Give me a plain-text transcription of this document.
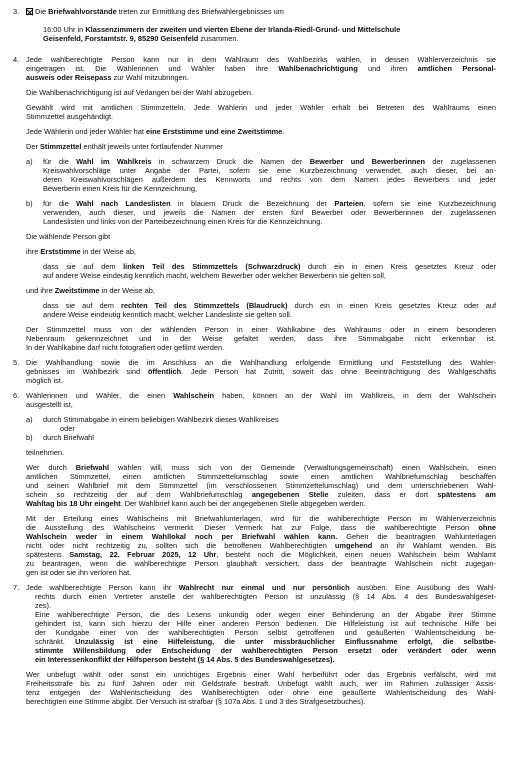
3.	Die Briefwahlvorstände treten zur Ermittlung des Briefwahlergebnisses um
16:00 Uhr in Klassenzimmern der zweiten und vierten Ebene der Irlanda-Riedl-Grund- und Mittelschule
Geisenfeld, Forstamtstr. 9, 85290 Geisenfeld zusammen.
4. Jede wahlberechtigte Person kann nur in dem Wahlraum des Wahlbezirks wählen, in dessen Wählerverzeichnis sie
eingetragen ist. Die Wählerinnen und Wähler haben ihre Wahlbenachrichtigung und ihren amtlichen Personal-
ausweis oder Reisepass zur Wahl mitzubringen.
Die Wahlbenachrichtigung ist auf Verlangen bei der Wahl abzugeben.
Gewählt wird mit amtlichen Stimmzetteln. Jede Wählerin und jeder Wähler erhält bei Betreten des Wahlraums einen
Stimmzettel ausgehändigt.
Jede Wählerin und jeder Wähler hat eine Erststimme und eine Zweitstimme.
Der Stimmzettel enthält jeweils unter fortlaufender Nummer
a)	für die Wahl im Wahlkreis in schwarzem Druck die Namen der Bewerber und Bewerberinnen der zugelassenen
Kreiswahlvorschläge unter Angabe der Partei, sofern sie eine Kurzbezeichnung verwendet, auch dieser, bei an-
deren Kreiswahlvorschlägen außerdem des Kennworts und rechts von dem Namen jedes Bewerbers und jeder
Bewerberin einen Kreis für die Kennzeichnung,
b)	für die Wahl nach Landeslisten in blauem Druck die Bezeichnung der Parteien, sofern sie eine Kurzbezeichnung
verwenden, auch dieser, und jeweils die Namen der ersten fünf Bewerber oder Bewerberinnen der zugelassenen
Landeslisten und links von der Parteibezeichnung einen Kreis für die Kennzeichnung.
Die wählende Person gibt
ihre Erststimme in der Weise ab,
dass sie auf dem linken Teil des Stimmzettels (Schwarzdruck) durch ein in einen Kreis gesetztes Kreuz oder
auf andere Weise eindeutig kenntlich macht, welchem Bewerber oder welcher Bewerberin sie gelten soll,
und ihre Zweitstimme in der Weise ab,
dass sie auf dem rechten Teil des Stimmzettels (Blaudruck) durch ein in einen Kreis gesetztes Kreuz oder auf
andere Weise eindeutig kenntlich macht, welcher Landesliste sie gelten soll.
Der Stimmzettel muss von der wählenden Person in einer Wahlkabine des Wahlraums oder in einem besonderen
Nebenraum gekennzeichnet und in der Weise gefaltet werden, dass ihre Stimmabgabe nicht erkennbar ist.
In der Wahlkabine darf nicht fotografiert oder gefilmt werden.
5. Die Wahlhandlung sowie die im Anschluss an die Wahlhandlung erfolgende Ermittlung und Feststellung des Wahler-
gebnisses im Wahlbezirk sind öffentlich. Jede Person hat Zutritt, soweit das ohne Beeinträchtigung des Wahlgeschäfts
möglich ist.
6. Wählerinnen und Wähler, die einen Wahlschein haben, können an der Wahl im Wahlkreis, in dem der Wahlschein
ausgestellt ist,
a)	durch Stimmabgabe in einem beliebigen Wahlbezirk dieses Wahlkreises
oder
b)	durch Briefwahl
teilnehmen.
Wer durch Briefwahl wählen will, muss sich von der Gemeinde (Verwaltungsgemeinschaft) einen Wahlschein, einen
amtlichen Stimmzettel, einen amtlichen Stimmzettelumschlag sowie einen amtlichen Wahlbriefumschlag beschaffen
und seinen Wahlbrief mit dem Stimmzettel (im verschlossenen Stimmzettelumschlag) und dem unterschriebenen Wahl-
schein so rechtzeitig der auf dem Wahlbriefumschlag angegebenen Stelle zuleiten, dass er dort spätestens am
Wahltag bis 18 Uhr eingeht. Der Wahlbrief kann auch bei der angegebenen Stelle abgegeben werden.
Mit der Erteilung eines Wahlscheins mit Briefwahlunterlagen, wird für die wahlberechtigte Person im Wählerverzeichnis
die Ausstellung des Wahlscheins vermerkt. Dieser Vermerk hat zur Folge, dass die wahlberechtigte Person ohne
Wahlschein weder in einem Wahllokal noch per Briefwahl wählen kann. Gehen die beantragten Wahlunterlagen
nicht oder nicht rechtzeitig zu, sollten sich die betroffenen Wahlberechtigten umgehend an ihr Wahlamt wenden. Bis
spätestens Samstag, 22. Februar 2025, 12 Uhr, besteht noch die Möglichkeit, einen neuen Wahlschein beim Wahlamt
zu beantragen, wenn die wahlberechtigte Person glaubhaft versichert, dass der beantragte Wahlschein nicht zugegan-
gen ist oder sie ihn verloren hat.
7. Jede wahlberechtigte Person kann ihr Wahlrecht nur einmal und nur persönlich ausüben. Eine Ausübung des Wahl-
rechts durch einen Vertreter anstelle der wahlberechtigten Person ist unzulässig (§ 14 Abs. 4 des Bundeswahlgeset-
zes).
Eine wahlberechtigte Person, die des Lesens unkundig oder wegen einer Behinderung an der Abgabe ihrer Stimme
gehindert ist, kann sich hierzu der Hilfe einer anderen Person bedienen. Die Hilfeleistung ist auf technische Hilfe bei
der Kundgabe einer von der wahlberechtigten Person selbst getroffenen und geäußerten Wahlentscheidung be-
schränkt. Unzulässig ist eine Hilfeleistung, die unter missbräuchlicher Einflussnahme erfolgt, die selbstbe-
stimmte Willensbildung oder Entscheidung der wahlberechtigten Person ersetzt oder verändert oder wenn
ein Interessenkonflikt der Hilfsperson besteht (§ 14 Abs. 5 des Bundeswahlgesetzes).
Wer unbefugt wählt oder sonst ein unrichtiges Ergebnis einer Wahl herbeiführt oder das Ergebnis verfälscht, wird mit
Freiheitsstrafe bis zu fünf Jahren oder mit Geldstrafe bestraft. Unbefugt wählt auch, wer im Rahmen zulässiger Assis-
tenz entgegen der Wahlentscheidung des Wahlberechtigten oder ohne eine geäußerte Wahlentscheidung des Wahl-
berechtigten eine Stimme abgibt. Der Versuch ist strafbar (§ 107a Abs. 1 und 3 des Strafgesetzbuches).
